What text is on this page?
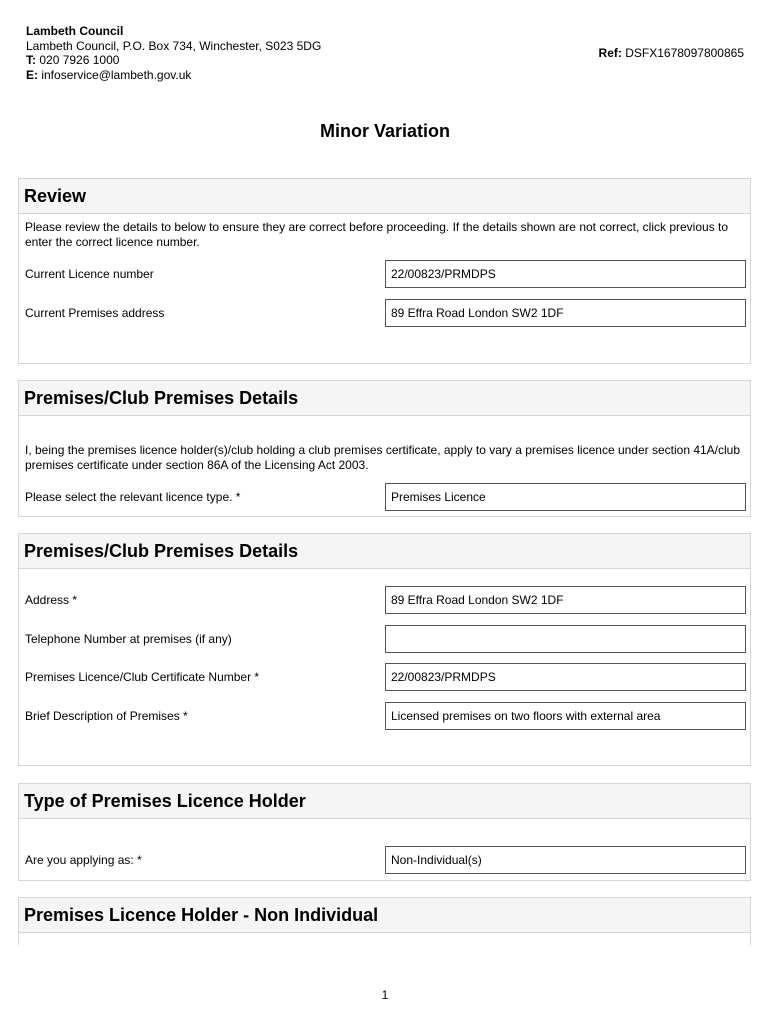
Lambeth Council
Lambeth Council, P.O. Box 734, Winchester, S023 5DG
T: 020 7926 1000
E: infoservice@lambeth.gov.uk
Ref: DSFX1678097800865
Minor Variation
Review
Please review the details to below to ensure they are correct before proceeding. If the details shown are not correct, click previous to enter the correct licence number.
Current Licence number	22/00823/PRMDPS
Current Premises address	89 Effra Road London SW2 1DF
Premises/Club Premises Details
I, being the premises licence holder(s)/club holding a club premises certificate, apply to vary a premises licence under section 41A/club premises certificate under section 86A of the Licensing Act 2003.
Please select the relevant licence type. *	Premises Licence
Premises/Club Premises Details
Address *	89 Effra Road London SW2 1DF
Telephone Number at premises (if any)
Premises Licence/Club Certificate Number *	22/00823/PRMDPS
Brief Description of Premises *	Licensed premises on two floors with external area
Type of Premises Licence Holder
Are you applying as: *	Non-Individual(s)
Premises Licence Holder - Non Individual
1
